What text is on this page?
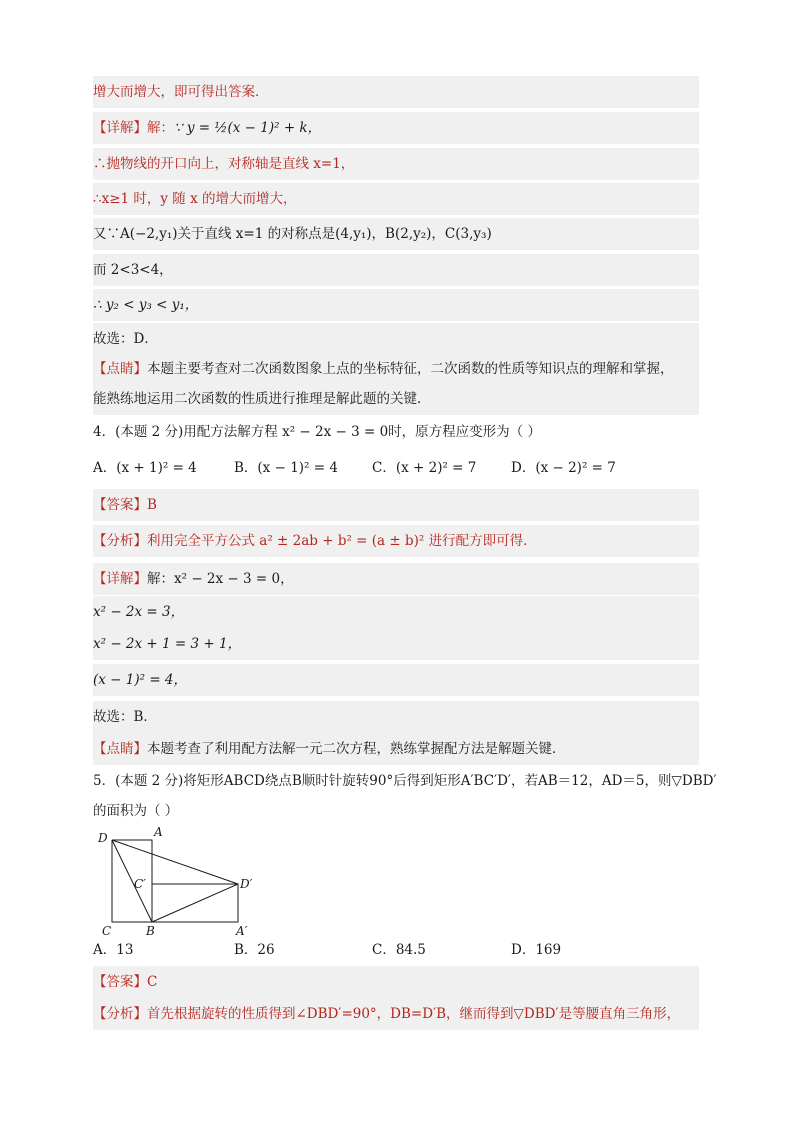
增大而增大，即可得出答案．
【详解】解：∵ y = ½(x − 1)² + k，
∴抛物线的开口向上，对称轴是直线 x=1，
∴x≥1 时，y 随 x 的增大而增大，
又∵A(−2,y₁)关于直线 x=1 的对称点是(4,y₁)，B(2,y₂)，C(3,y₃)
而 2<3<4，
∴ y₂ < y₃ < y₁，
故选：D．
【点睛】本题主要考查对二次函数图象上点的坐标特征，二次函数的性质等知识点的理解和掌握，
能熟练地运用二次函数的性质进行推理是解此题的关键．
4．(本题 2 分)用配方法解方程 x² − 2x − 3 = 0时，原方程应变形为（ ）
A．(x + 1)² = 4	B．(x − 1)² = 4	C．(x + 2)² = 7	D．(x − 2)² = 7
【答案】B
【分析】利用完全平方公式 a² ± 2ab + b² = (a ± b)² 进行配方即可得．
【详解】解：x² − 2x − 3 = 0，
x² − 2x = 3，
x² − 2x + 1 = 3 + 1，
(x − 1)² = 4，
故选：B．
【点睛】本题考查了利用配方法解一元二次方程，熟练掌握配方法是解题关键．
5．(本题 2 分)将矩形ABCD绕点B顺时针旋转90°后得到矩形A′BC′D′，若AB＝12，AD＝5，则▽DBD′
的面积为（ ）
D	A
C′	D′
C	B	A′
A．13	B．26	C．84.5	D．169
【答案】C
【分析】首先根据旋转的性质得到∠DBD′=90°，DB=D′B，继而得到▽DBD′是等腰直角三角形，
